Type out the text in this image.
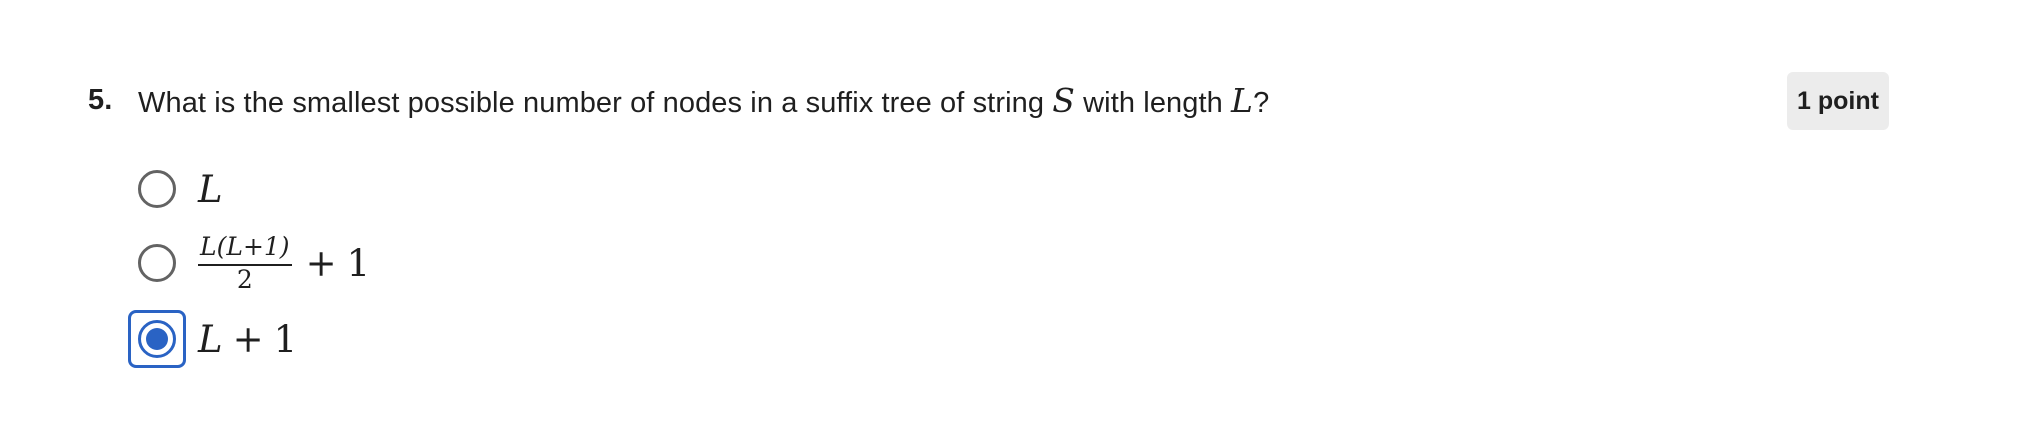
5. What is the smallest possible number of nodes in a suffix tree of string S with length L?	1 point
L
$\frac{L(L+1)}{2} + 1$
L + 1
